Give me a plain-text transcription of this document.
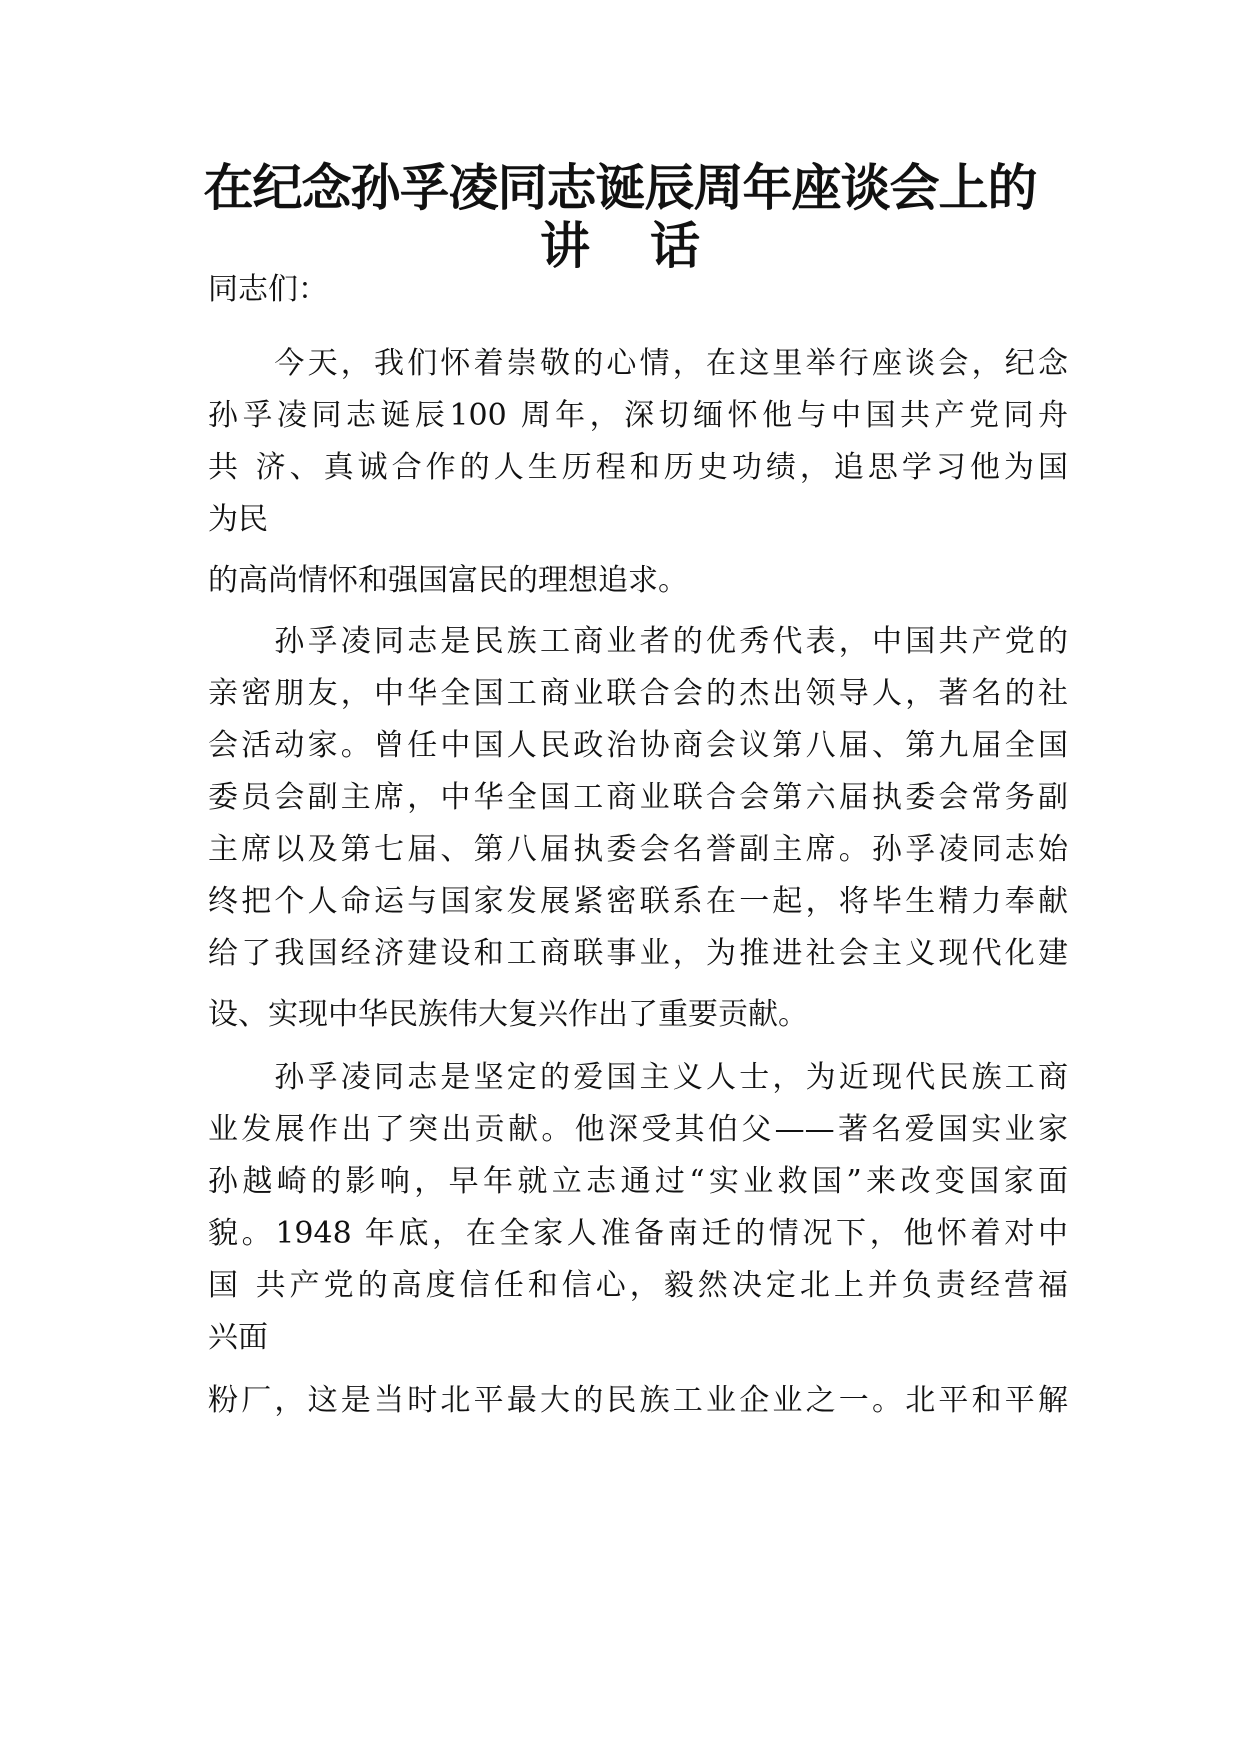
在纪念孙孚凌同志诞辰周年座谈会上的
讲话

同志们：

　　今天，我们怀着崇敬的心情，在这里举行座谈会，纪念

孙孚凌同志诞辰100 周年，深切缅怀他与中国共产党同舟

共 济、真诚合作的人生历程和历史功绩，追思学习他为国

为民

的高尚情怀和强国富民的理想追求。

　　孙孚凌同志是民族工商业者的优秀代表，中国共产党的

亲密朋友，中华全国工商业联合会的杰出领导人，著名的社

会活动家。曾任中国人民政治协商会议第八届、第九届全国

委员会副主席，中华全国工商业联合会第六届执委会常务副

主席以及第七届、第八届执委会名誉副主席。孙孚凌同志始

终把个人命运与国家发展紧密联系在一起，将毕生精力奉献

给了我国经济建设和工商联事业，为推进社会主义现代化建

设、实现中华民族伟大复兴作出了重要贡献。

　　孙孚凌同志是坚定的爱国主义人士，为近现代民族工商

业发展作出了突出贡献。他深受其伯父——著名爱国实业家

孙越崎的影响，早年就立志通过“实业救国”来改变国家面

貌。1948 年底，在全家人准备南迁的情况下，他怀着对中

国 共产党的高度信任和信心，毅然决定北上并负责经营福

兴面

粉厂，这是当时北平最大的民族工业企业之一。北平和平解
